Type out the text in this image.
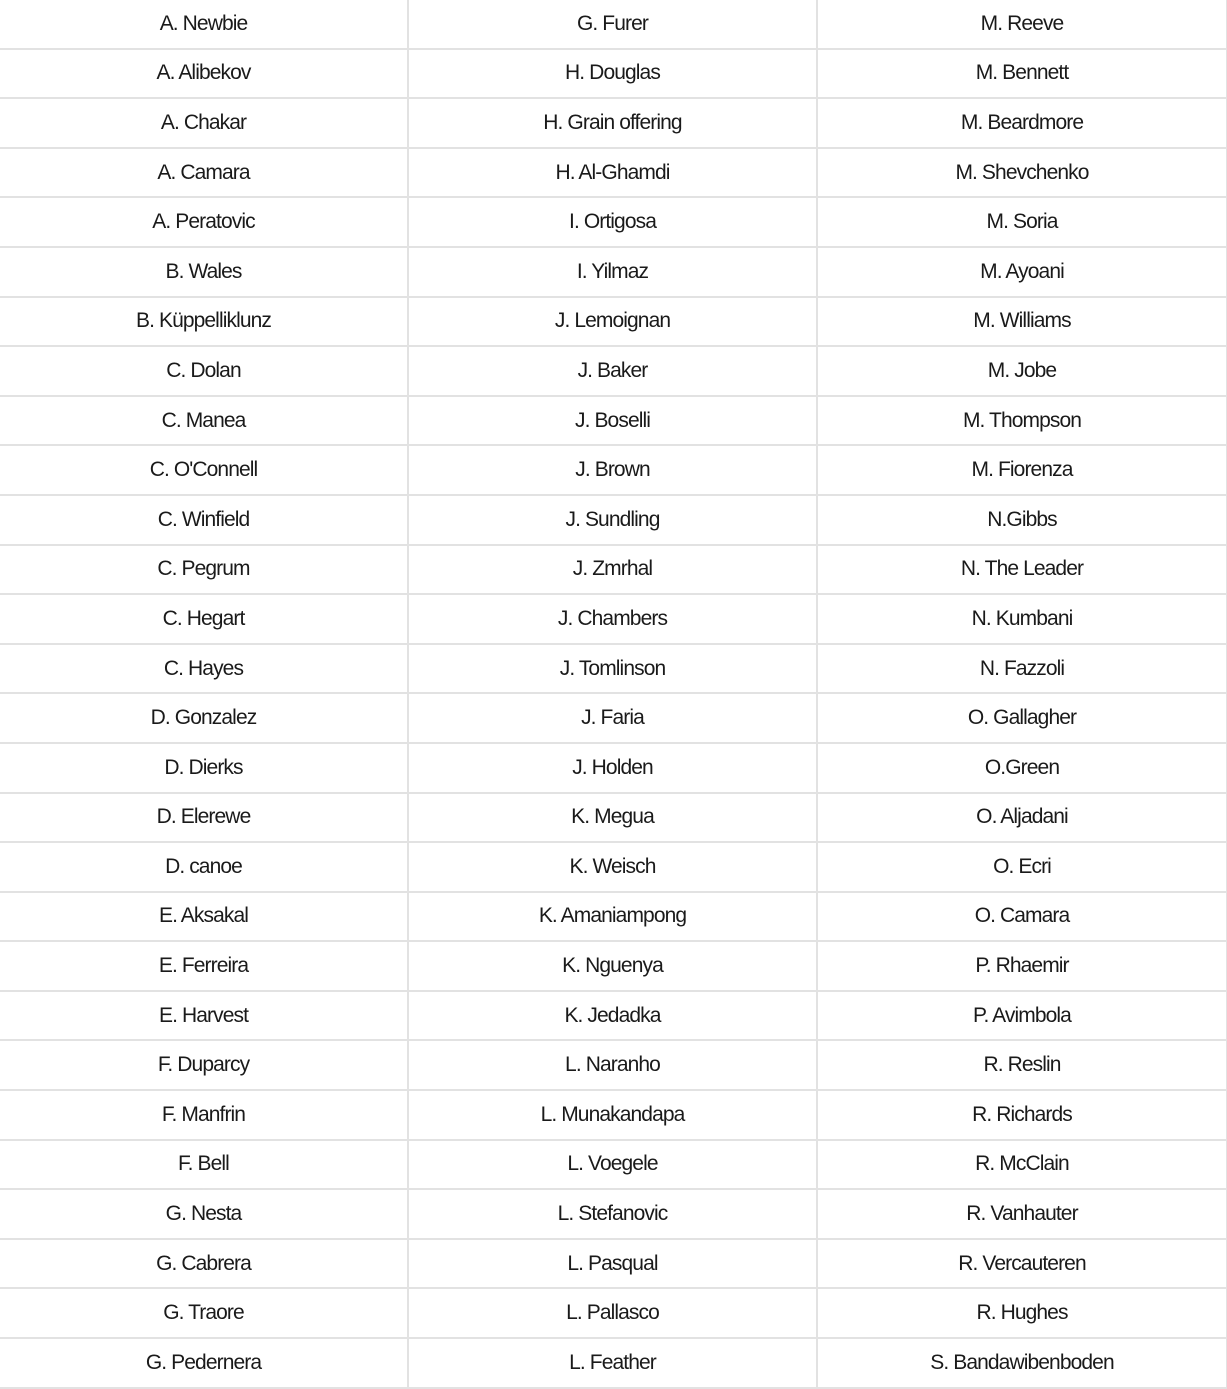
A. Newbie	G. Furer	M. Reeve
A. Alibekov	H. Douglas	M. Bennett
A. Chakar	H. Grain offering	M. Beardmore
A. Camara	H. Al-Ghamdi	M. Shevchenko
A. Peratovic	I. Ortigosa	M. Soria
B. Wales	I. Yilmaz	M. Ayoani
B. Küppelliklunz	J. Lemoignan	M. Williams
C. Dolan	J. Baker	M. Jobe
C. Manea	J. Boselli	M. Thompson
C. O'Connell	J. Brown	M. Fiorenza
C. Winfield	J. Sundling	N.Gibbs
C. Pegrum	J. Zmrhal	N. The Leader
C. Hegart	J. Chambers	N. Kumbani
C. Hayes	J. Tomlinson	N. Fazzoli
D. Gonzalez	J. Faria	O. Gallagher
D. Dierks	J. Holden	O.Green
D. Elerewe	K. Megua	O. Aljadani
D. canoe	K. Weisch	O. Ecri
E. Aksakal	K. Amaniampong	O. Camara
E. Ferreira	K. Nguenya	P. Rhaemir
E. Harvest	K. Jedadka	P. Avimbola
F. Duparcy	L. Naranho	R. Reslin
F. Manfrin	L. Munakandapa	R. Richards
F. Bell	L. Voegele	R. McClain
G. Nesta	L. Stefanovic	R. Vanhauter
G. Cabrera	L. Pasqual	R. Vercauteren
G. Traore	L. Pallasco	R. Hughes
G. Pedernera	L. Feather	S. Bandawibenboden
